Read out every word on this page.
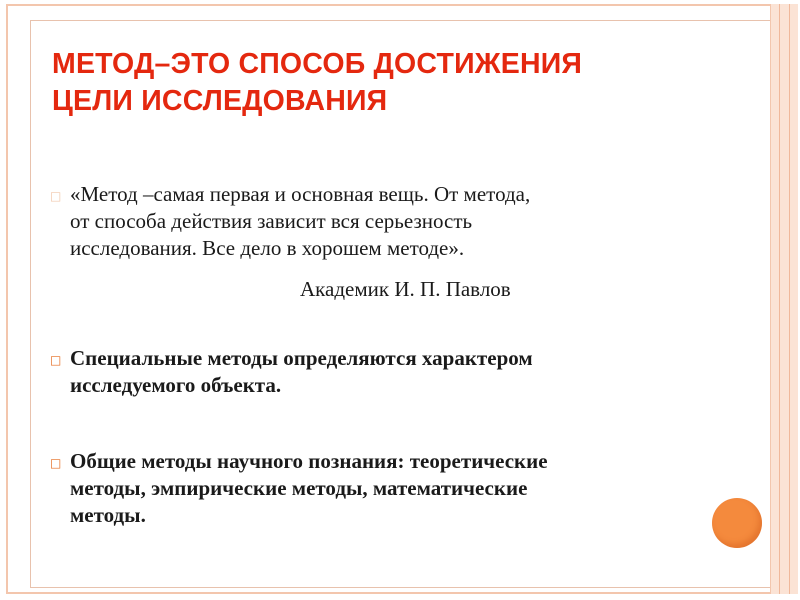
МЕТОД–ЭТО СПОСОБ ДОСТИЖЕНИЯ
ЦЕЛИ ИССЛЕДОВАНИЯ
□ «Метод –самая первая и основная вещь. От метода,
от способа действия зависит вся серьезность
исследования. Все дело в хорошем методе».
Академик И. П. Павлов
□ Специальные методы определяются характером
исследуемого объекта.
□ Общие методы научного познания: теоретические
методы, эмпирические методы, математические
методы.
